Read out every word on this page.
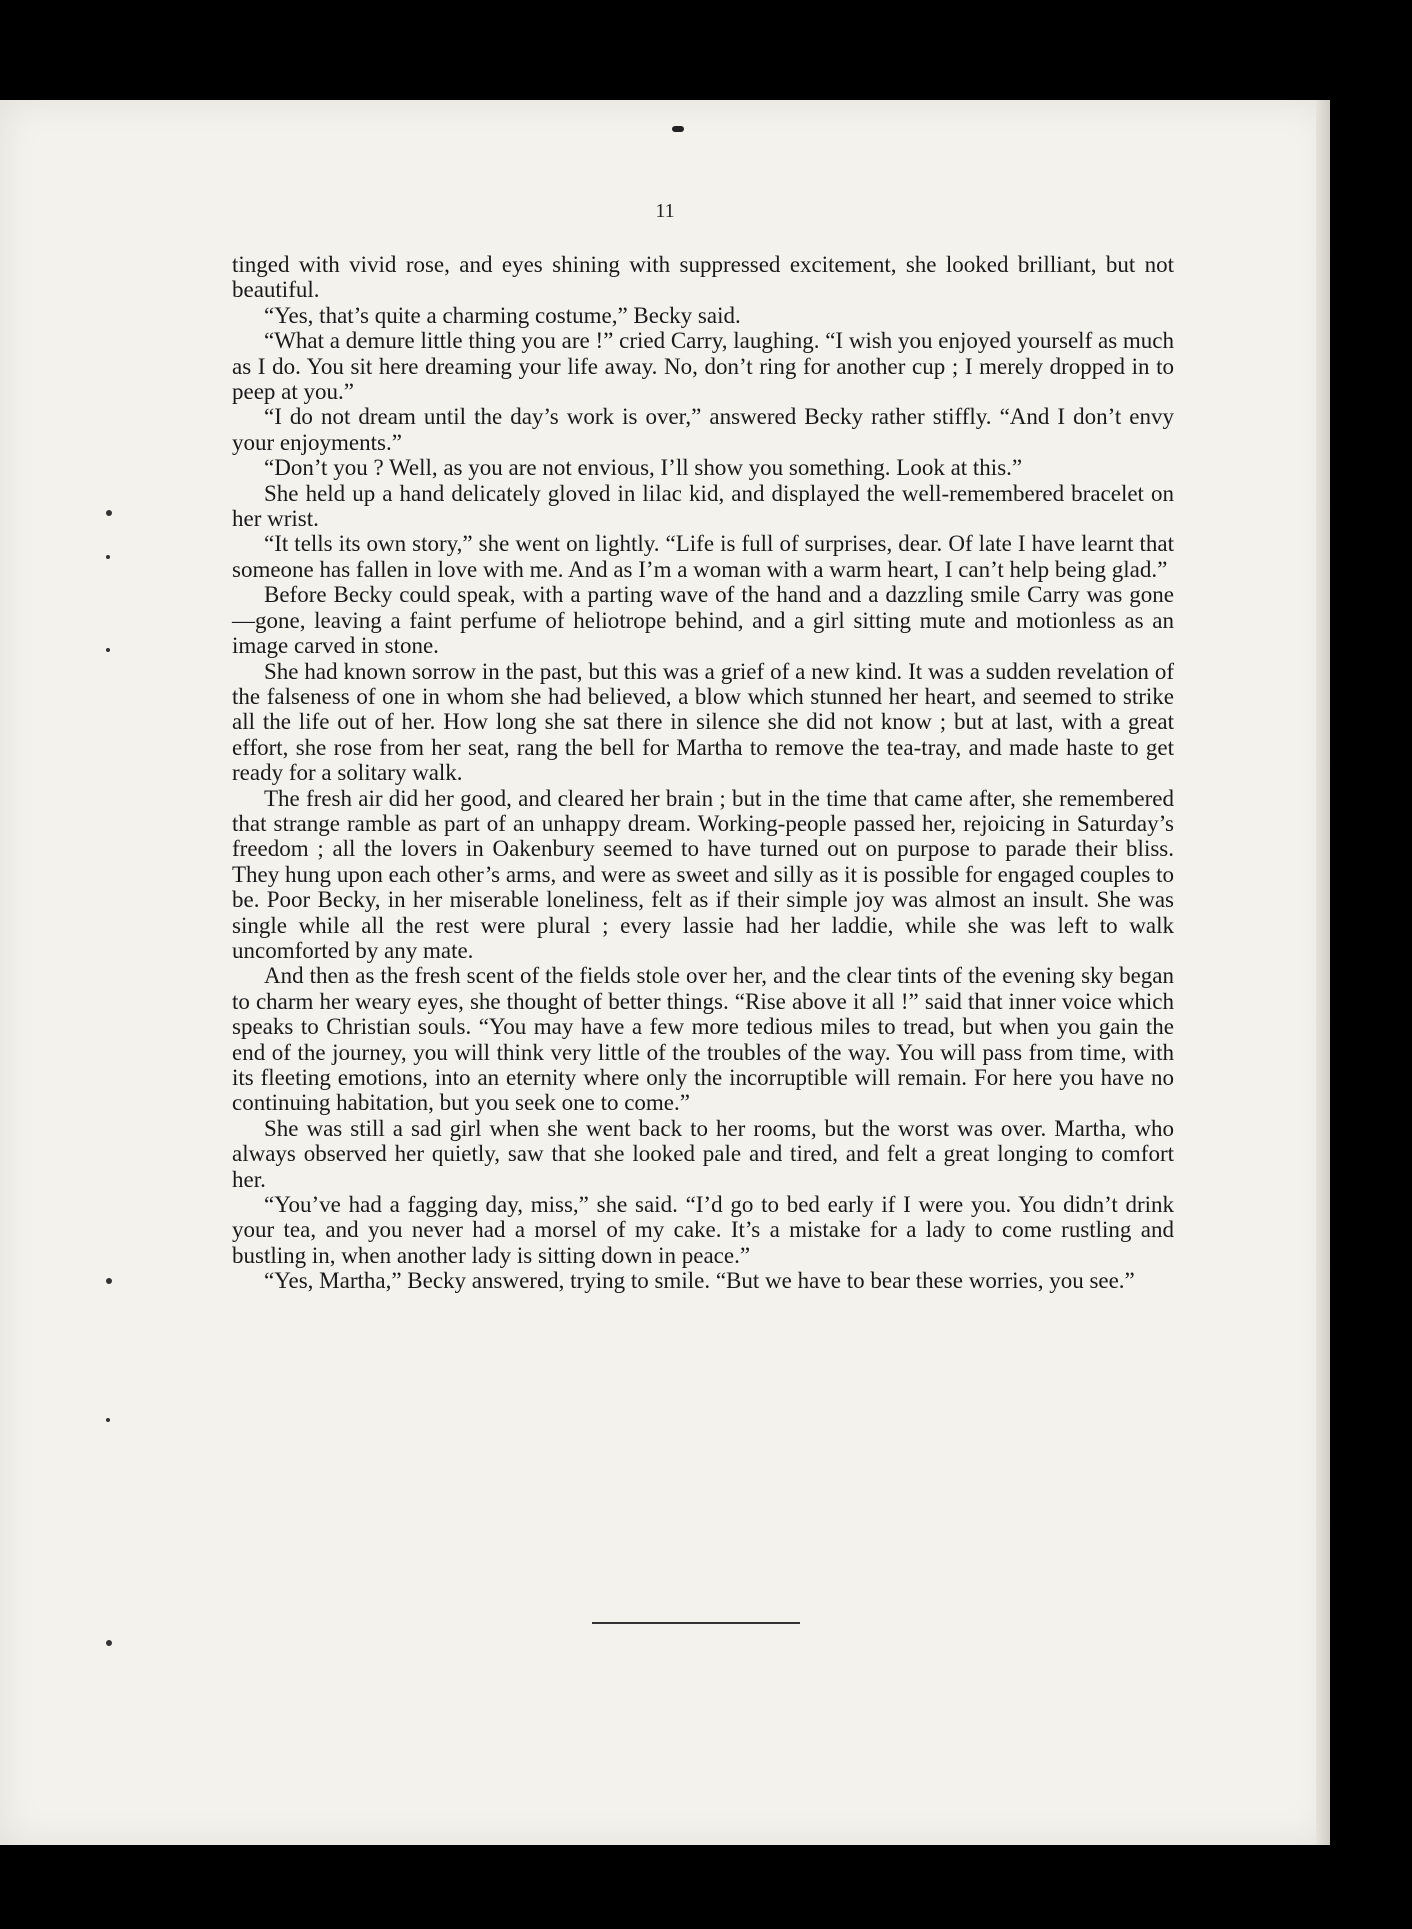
11

tinged with vivid rose, and eyes shining with suppressed excitement, she looked brilliant, but not beautiful.

“Yes, that’s quite a charming costume,” Becky said.

“What a demure little thing you are !” cried Carry, laughing. “I wish you enjoyed yourself as much as I do. You sit here dreaming your life away. No, don’t ring for another cup ; I merely dropped in to peep at you.”

“I do not dream until the day’s work is over,” answered Becky rather stiffly. “And I don’t envy your enjoyments.”

“Don’t you ? Well, as you are not envious, I’ll show you something. Look at this.”

She held up a hand delicately gloved in lilac kid, and displayed the well-remembered bracelet on her wrist.

“It tells its own story,” she went on lightly. “Life is full of surprises, dear. Of late I have learnt that someone has fallen in love with me. And as I’m a woman with a warm heart, I can’t help being glad.”

Before Becky could speak, with a parting wave of the hand and a dazzling smile Carry was gone—gone, leaving a faint perfume of heliotrope behind, and a girl sitting mute and motionless as an image carved in stone.

She had known sorrow in the past, but this was a grief of a new kind. It was a sudden revelation of the falseness of one in whom she had believed, a blow which stunned her heart, and seemed to strike all the life out of her. How long she sat there in silence she did not know ; but at last, with a great effort, she rose from her seat, rang the bell for Martha to remove the tea-tray, and made haste to get ready for a solitary walk.

The fresh air did her good, and cleared her brain ; but in the time that came after, she remembered that strange ramble as part of an unhappy dream. Working-people passed her, rejoicing in Saturday’s freedom ; all the lovers in Oakenbury seemed to have turned out on purpose to parade their bliss. They hung upon each other’s arms, and were as sweet and silly as it is possible for engaged couples to be. Poor Becky, in her miserable loneliness, felt as if their simple joy was almost an insult. She was single while all the rest were plural ; every lassie had her laddie, while she was left to walk uncomforted by any mate.

And then as the fresh scent of the fields stole over her, and the clear tints of the evening sky began to charm her weary eyes, she thought of better things. “Rise above it all !” said that inner voice which speaks to Christian souls. “You may have a few more tedious miles to tread, but when you gain the end of the journey, you will think very little of the troubles of the way. You will pass from time, with its fleeting emotions, into an eternity where only the incorruptible will remain. For here you have no continuing habitation, but you seek one to come.”

She was still a sad girl when she went back to her rooms, but the worst was over. Martha, who always observed her quietly, saw that she looked pale and tired, and felt a great longing to comfort her.

“You’ve had a fagging day, miss,” she said. “I’d go to bed early if I were you. You didn’t drink your tea, and you never had a morsel of my cake. It’s a mistake for a lady to come rustling and bustling in, when another lady is sitting down in peace.”

“Yes, Martha,” Becky answered, trying to smile. “But we have to bear these worries, you see.”
